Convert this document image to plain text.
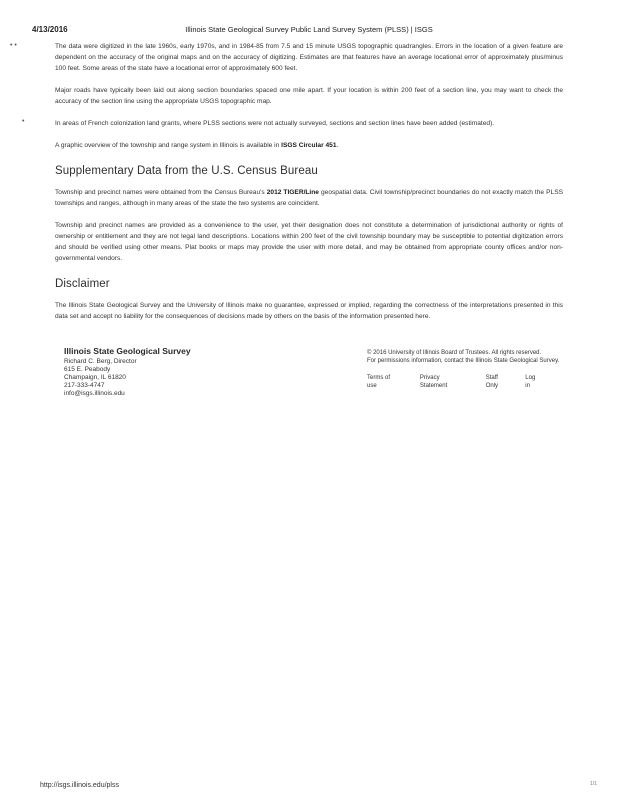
4/13/2016	Illinois State Geological Survey Public Land Survey System (PLSS) | ISGS
• •
•

The data were digitized in the late 1960s, early 1970s, and in 1984-85 from 7.5 and 15 minute USGS topographic quadrangles. Errors in the location of a given feature are dependent on the accuracy of the original maps and on the accuracy of digitizing. Estimates are that features have an average locational error of approximately plus/minus 100 feet. Some areas of the state have a locational error of approximately 600 feet.

Major roads have typically been laid out along section boundaries spaced one mile apart. If your location is within 200 feet of a section line, you may want to check the accuracy of the section line using the appropriate USGS topographic map.

In areas of French colonization land grants, where PLSS sections were not actually surveyed, sections and section lines have been added (estimated).

A graphic overview of the township and range system in Illinois is available in ISGS Circular 451.

Supplementary Data from the U.S. Census Bureau

Township and precinct names were obtained from the Census Bureau's 2012 TIGER/Line geospatial data. Civil township/precinct boundaries do not exactly match the PLSS townships and ranges, although in many areas of the state the two systems are coincident.

Township and precinct names are provided as a convenience to the user, yet their designation does not constitute a determination of jurisdictional authority or rights of ownership or entitlement and they are not legal land descriptions. Locations within 200 feet of the civil township boundary may be susceptible to potential digitization errors and should be verified using other means. Plat books or maps may provide the user with more detail, and may be obtained from appropriate county offices and/or non-governmental vendors.

Disclaimer

The Illinois State Geological Survey and the University of Illinois make no guarantee, expressed or implied, regarding the correctness of the interpretations presented in this data set and accept no liability for the consequences of decisions made by others on the basis of the information presented here.

Illinois State Geological Survey
Richard C. Berg, Director
615 E. Peabody
Champaign, IL 61820
217-333-4747
info@isgs.illinois.edu
© 2016 University of Illinois Board of Trustees. All rights reserved.
For permissions information, contact the Illinois State Geological Survey.
Terms of use
Privacy Statement
Staff Only
Log in
http://isgs.illinois.edu/plss	1/1
